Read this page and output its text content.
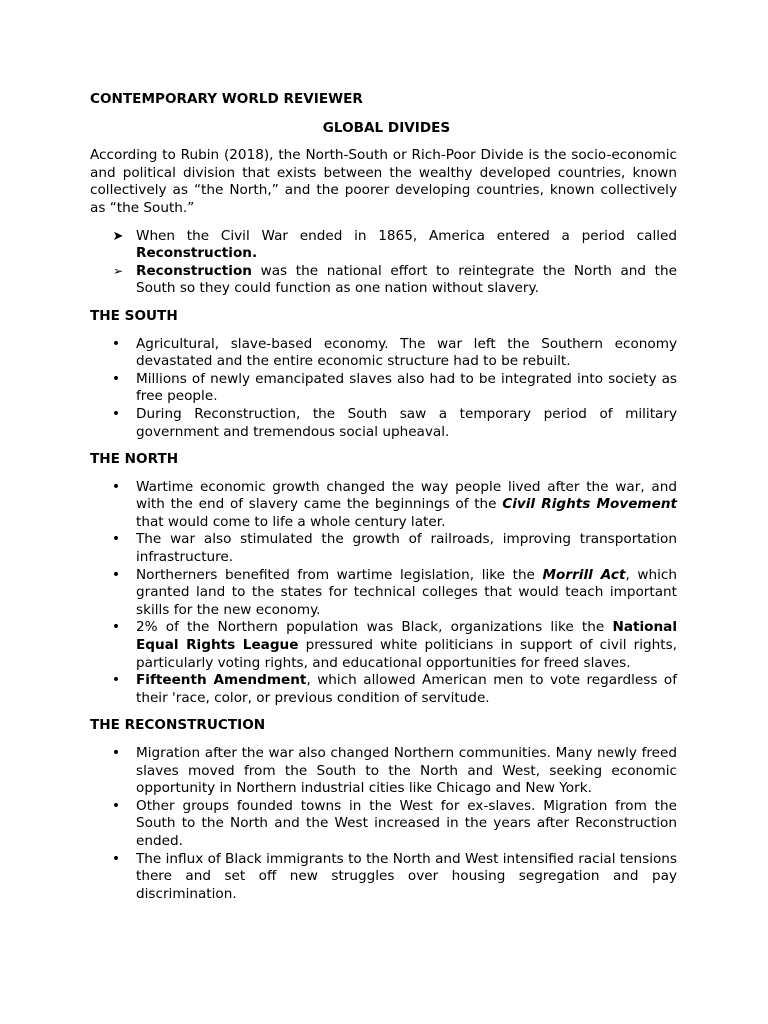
CONTEMPORARY WORLD REVIEWER
GLOBAL DIVIDES
According to Rubin (2018), the North-South or Rich-Poor Divide is the socio-economic and political division that exists between the wealthy developed countries, known collectively as “the North,” and the poorer developing countries, known collectively as “the South.”
➤ When the Civil War ended in 1865, America entered a period called Reconstruction.
➢ Reconstruction was the national effort to reintegrate the North and the South so they could function as one nation without slavery.
THE SOUTH
• Agricultural, slave-based economy. The war left the Southern economy devastated and the entire economic structure had to be rebuilt.
• Millions of newly emancipated slaves also had to be integrated into society as free people.
• During Reconstruction, the South saw a temporary period of military government and tremendous social upheaval.
THE NORTH
• Wartime economic growth changed the way people lived after the war, and with the end of slavery came the beginnings of the Civil Rights Movement that would come to life a whole century later.
• The war also stimulated the growth of railroads, improving transportation infrastructure.
• Northerners benefited from wartime legislation, like the Morrill Act, which granted land to the states for technical colleges that would teach important skills for the new economy.
• 2% of the Northern population was Black, organizations like the National Equal Rights League pressured white politicians in support of civil rights, particularly voting rights, and educational opportunities for freed slaves.
• Fifteenth Amendment, which allowed American men to vote regardless of their 'race, color, or previous condition of servitude.
THE RECONSTRUCTION
• Migration after the war also changed Northern communities. Many newly freed slaves moved from the South to the North and West, seeking economic opportunity in Northern industrial cities like Chicago and New York.
• Other groups founded towns in the West for ex-slaves. Migration from the South to the North and the West increased in the years after Reconstruction ended.
• The influx of Black immigrants to the North and West intensified racial tensions there and set off new struggles over housing segregation and pay discrimination.
